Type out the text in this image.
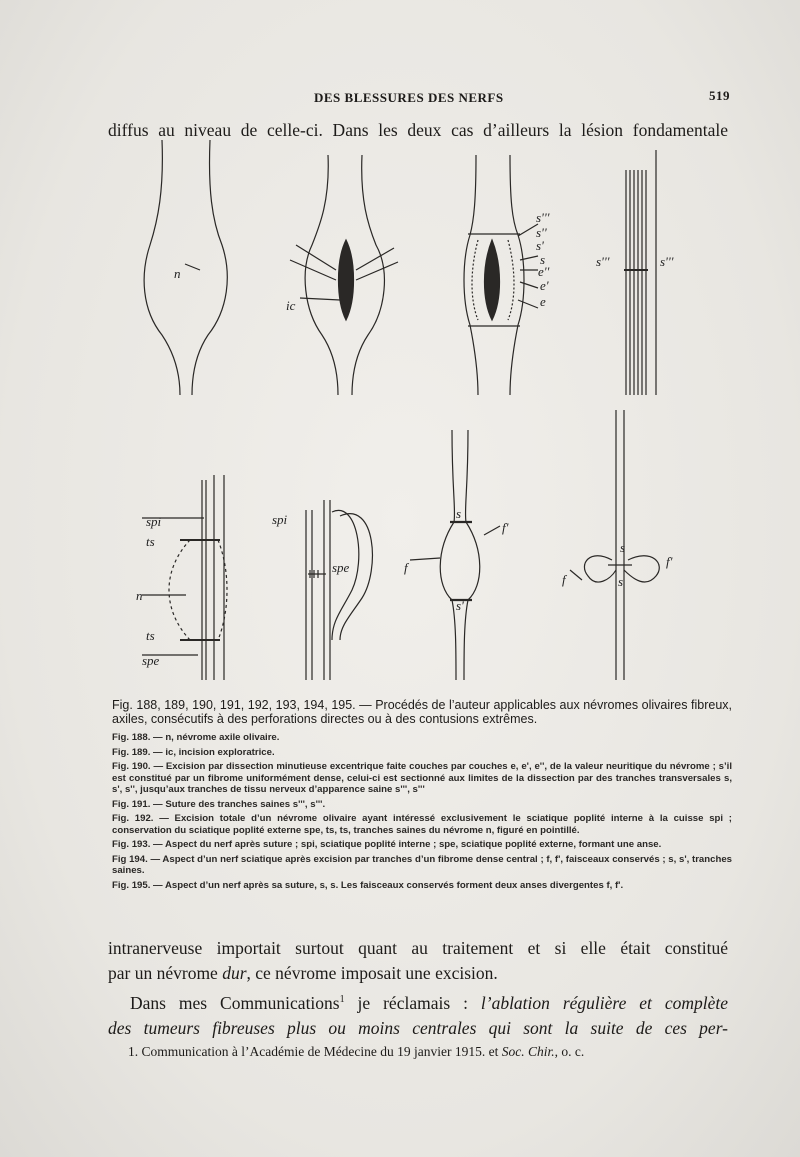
DES BLESSURES DES NERFS	519
diffus au niveau de celle-ci. Dans les deux cas d’ailleurs la lésion fondamentale
n
ic
s'''
s''
s'
s
e''
e'
e
s'''	s'''
spi
ts
n
ts
spe
spi
spe
s
f'
f
s'
s
f'
f	s

Fig. 188, 189, 190, 191, 192, 193, 194, 195. — Procédés de l’auteur applicables aux névromes olivaires fibreux, axiles, consécutifs à des perforations directes ou à des contusions extrêmes.

Fig. 188. — n, névrome axile olivaire.
Fig. 189. — ic, incision exploratrice.
Fig. 190. — Excision par dissection minutieuse excentrique faite couches par couches e, e', e'', de la valeur neuritique du névrome ; s’il est constitué par un fibrome uniformément dense, celui-ci est sectionné aux limites de la dissection par des tranches transversales s, s', s'', jusqu’aux tranches de tissu nerveux d’apparence saine s''', s'''
Fig. 191. — Suture des tranches saines s''', s'''.
Fig. 192. — Excision totale d’un névrome olivaire ayant intéressé exclusivement le sciatique poplité interne à la cuisse spi ; conservation du sciatique poplité externe spe, ts, ts, tranches saines du névrome n, figuré en pointillé.
Fig. 193. — Aspect du nerf après suture ; spi, sciatique poplité interne ; spe, sciatique poplité externe, formant une anse.
Fig 194. — Aspect d’un nerf sciatique après excision par tranches d’un fibrome dense central ; f, f', faisceaux conservés ; s, s', tranches saines.
Fig. 195. — Aspect d’un nerf après sa suture, s, s. Les faisceaux conservés forment deux anses divergentes f, f'.

intranerveuse importait surtout quant au traitement et si elle était constitué

par un névrome dur, ce névrome imposait une excision.

Dans mes Communications$^1$ je réclamais : l’ablation régulière et complète

des tumeurs fibreuses plus ou moins centrales qui sont la suite de ces per-

1. Communication à l’Académie de Médecine du 19 janvier 1915. et Soc. Chir., o. c.
